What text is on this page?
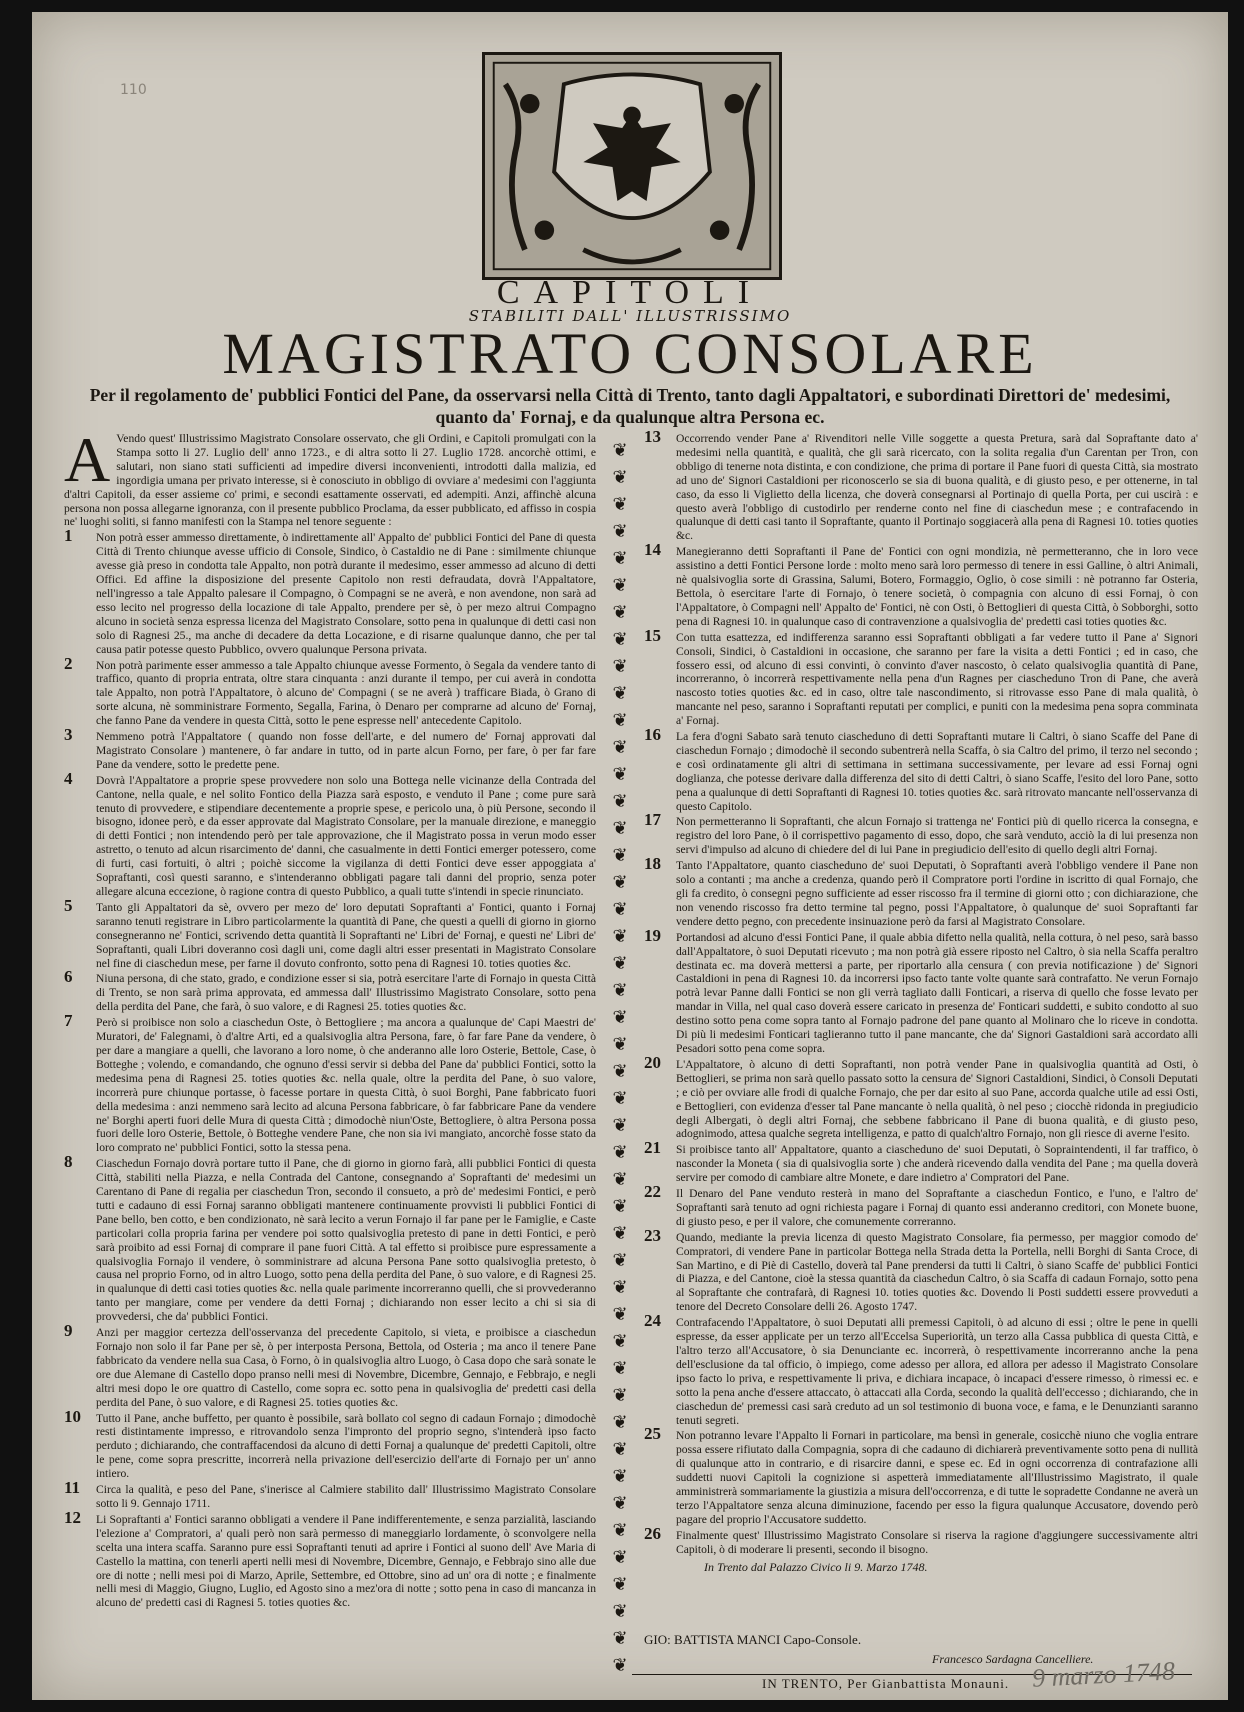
110
CAPITOLI
STABILITI DALL' ILLUSTRISSIMO
MAGISTRATO CONSOLARE
Per il regolamento de' pubblici Fontici del Pane, da osservarsi nella Città di Trento, tanto dagli Appaltatori, e subordinati Direttori de' medesimi, quanto da' Fornaj, e da qualunque altra Persona ec.
A Vendo quest' Illustrissimo Magistrato Consolare osservato, che gli Ordini, e Capitoli promulgati con la Stampa sotto li 27. Luglio dell' anno 1723., e di altra sotto li 27. Luglio 1728. ancorchè ottimi, e salutari, non siano stati sufficienti ad impedire diversi inconvenienti, introdotti dalla malizia, ed ingordigia umana per privato interesse, si è conosciuto in obbligo di ovviare a' medesimi con l'aggiunta d'altri Capitoli, da esser assieme co' primi, e secondi esattamente osservati, ed adempiti. Anzi, affinchè alcuna persona non possa allegarne ignoranza, con il presente pubblico Proclama, da esser pubblicato, ed affisso in cospia ne' luoghi soliti, si fanno manifesti con la Stampa nel tenore seguente :
1 Non potrà esser ammesso direttamente, ò indirettamente all' Appalto de' pubblici Fontici del Pane di questa Città di Trento chiunque avesse ufficio di Console, Sindico, ò Castaldio ne di Pane : similmente chiunque avesse già preso in condotta tale Appalto, non potrà durante il medesimo, esser ammesso ad alcuno di detti Offici. Ed affine la disposizione del presente Capitolo non resti defraudata, dovrà l'Appaltatore, nell'ingresso a tale Appalto palesare il Compagno, ò Compagni se ne averà, e non avendone, non sarà ad esso lecito nel progresso della locazione di tale Appalto, prendere per sè, ò per mezo altrui Compagno alcuno in società senza espressa licenza del Magistrato Consolare, sotto pena in qualunque di detti casi non solo di Ragnesi 25., ma anche di decadere da detta Locazione, e di risarne qualunque danno, che per tal causa patir potesse questo Pubblico, ovvero qualunque Persona privata.
2 Non potrà parimente esser ammesso a tale Appalto chiunque avesse Formento, ò Segala da vendere tanto di traffico, quanto di propria entrata, oltre stara cinquanta : anzi durante il tempo, per cui averà in condotta tale Appalto, non potrà l'Appaltatore, ò alcuno de' Compagni ( se ne averà ) trafficare Biada, ò Grano di sorte alcuna, nè somministrare Formento, Segalla, Farina, ò Denaro per comprarne ad alcuno de' Fornaj, che fanno Pane da vendere in questa Città, sotto le pene espresse nell' antecedente Capitolo.
3 Nemmeno potrà l'Appaltatore ( quando non fosse dell'arte, e del numero de' Fornaj approvati dal Magistrato Consolare ) mantenere, ò far andare in tutto, od in parte alcun Forno, per fare, ò per far fare Pane da vendere, sotto le predette pene.
4 Dovrà l'Appaltatore a proprie spese provvedere non solo una Bottega nelle vicinanze della Contrada del Cantone, nella quale, e nel solito Fontico della Piazza sarà esposto, e venduto il Pane ; come pure sarà tenuto di provvedere, e stipendiare decentemente a proprie spese, e pericolo una, ò più Persone, secondo il bisogno, idonee però, e da esser approvate dal Magistrato Consolare, per la manuale direzione, e maneggio di detti Fontici ; non intendendo però per tale approvazione, che il Magistrato possa in verun modo esser astretto, o tenuto ad alcun risarcimento de' danni, che casualmente in detti Fontici emerger potessero, come di furti, casi fortuiti, ò altri ; poichè siccome la vigilanza di detti Fontici deve esser appoggiata a' Sopraftanti, così questi saranno, e s'intenderanno obbligati pagare tali danni del proprio, senza poter allegare alcuna eccezione, ò ragione contra di questo Pubblico, a quali tutte s'intendi in specie rinunciato.
5 Tanto gli Appaltatori da sè, ovvero per mezo de' loro deputati Sopraftanti a' Fontici, quanto i Fornaj saranno tenuti registrare in Libro particolarmente la quantità di Pane, che questi a quelli di giorno in giorno consegneranno ne' Fontici, scrivendo detta quantità li Sopraftanti ne' Libri de' Fornaj, e questi ne' Libri de' Sopraftanti, quali Libri doveranno così dagli uni, come dagli altri esser presentati in Magistrato Consolare nel fine di ciaschedun mese, per farne il dovuto confronto, sotto pena di Ragnesi 10. toties quoties &c.
6 Niuna persona, di che stato, grado, e condizione esser si sia, potrà esercitare l'arte di Fornajo in questa Città di Trento, se non sarà prima approvata, ed ammessa dall' Illustrissimo Magistrato Consolare, sotto pena della perdita del Pane, che farà, ò suo valore, e di Ragnesi 25. toties quoties &c.
7 Però si proibisce non solo a ciaschedun Oste, ò Bettogliere ; ma ancora a qualunque de' Capi Maestri de' Muratori, de' Falegnami, ò d'altre Arti, ed a qualsivoglia altra Persona, fare, ò far fare Pane da vendere, ò per dare a mangiare a quelli, che lavorano a loro nome, ò che anderanno alle loro Osterie, Bettole, Case, ò Botteghe ; volendo, e comandando, che ognuno d'essi servir si debba del Pane da' pubblici Fontici, sotto la medesima pena di Ragnesi 25. toties quoties &c. nella quale, oltre la perdita del Pane, ò suo valore, incorrerà pure chiunque portasse, ò facesse portare in questa Città, ò suoi Borghi, Pane fabbricato fuori della medesima : anzi nemmeno sarà lecito ad alcuna Persona fabbricare, ò far fabbricare Pane da vendere ne' Borghi aperti fuori delle Mura di questa Città ; dimodochè niun'Oste, Bettogliere, ò altra Persona possa fuori delle loro Osterie, Bettole, ò Botteghe vendere Pane, che non sia ivi mangiato, ancorchè fosse stato da loro comprato ne' pubblici Fontici, sotto la stessa pena.
8 Ciaschedun Fornajo dovrà portare tutto il Pane, che di giorno in giorno farà, alli pubblici Fontici di questa Città, stabiliti nella Piazza, e nella Contrada del Cantone, consegnando a' Sopraftanti de' medesimi un Carentano di Pane di regalia per ciaschedun Tron, secondo il consueto, a prò de' medesimi Fontici, e però tutti e cadauno di essi Fornaj saranno obbligati mantenere continuamente provvisti li pubblici Fontici di Pane bello, ben cotto, e ben condizionato, nè sarà lecito a verun Fornajo il far pane per le Famiglie, e Caste particolari colla propria farina per vendere poi sotto qualsivoglia pretesto di pane in detti Fontici, e però sarà proibito ad essi Fornaj di comprare il pane fuori Città. A tal effetto si proibisce pure espressamente a qualsivoglia Fornajo il vendere, ò somministrare ad alcuna Persona Pane sotto qualsivoglia pretesto, ò causa nel proprio Forno, od in altro Luogo, sotto pena della perdita del Pane, ò suo valore, e di Ragnesi 25. in qualunque di detti casi toties quoties &c. nella quale parimente incorreranno quelli, che si provvederanno tanto per mangiare, come per vendere da detti Fornaj ; dichiarando non esser lecito a chi si sia di provvedersi, che da' pubblici Fontici.
9 Anzi per maggior certezza dell'osservanza del precedente Capitolo, si vieta, e proibisce a ciaschedun Fornajo non solo il far Pane per sè, ò per interposta Persona, Bettola, od Osteria ; ma anco il tenere Pane fabbricato da vendere nella sua Casa, ò Forno, ò in qualsivoglia altro Luogo, ò Casa dopo che sarà sonate le ore due Alemane di Castello dopo pranso nelli mesi di Novembre, Dicembre, Gennajo, e Febbrajo, e negli altri mesi dopo le ore quattro di Castello, come sopra ec. sotto pena in qualsivoglia de' predetti casi della perdita del Pane, ò suo valore, e di Ragnesi 25. toties quoties &c.
10 Tutto il Pane, anche buffetto, per quanto è possibile, sarà bollato col segno di cadaun Fornajo ; dimodochè resti distintamente impresso, e ritrovandolo senza l'impronto del proprio segno, s'intenderà ipso facto perduto ; dichiarando, che contraffacendosi da alcuno di detti Fornaj a qualunque de' predetti Capitoli, oltre le pene, come sopra prescritte, incorrerà nella privazione dell'esercizio dell'arte di Fornajo per un' anno intiero.
11 Circa la qualità, e peso del Pane, s'inerisce al Calmiere stabilito dall' Illustrissimo Magistrato Consolare sotto li 9. Gennajo 1711.
12 Li Sopraftanti a' Fontici saranno obbligati a vendere il Pane indifferentemente, e senza parzialità, lasciando l'elezione a' Compratori, a' quali però non sarà permesso di maneggiarlo lordamente, ò sconvolgere nella scelta una intera scaffa. Saranno pure essi Sopraftanti tenuti ad aprire i Fontici al suono dell' Ave Maria di Castello la mattina, con tenerli aperti nelli mesi di Novembre, Dicembre, Gennajo, e Febbrajo sino alle due ore di notte ; nelli mesi poi di Marzo, Aprile, Settembre, ed Ottobre, sino ad un' ora di notte ; e finalmente nelli mesi di Maggio, Giugno, Luglio, ed Agosto sino a mez'ora di notte ; sotto pena in caso di mancanza in alcuno de' predetti casi di Ragnesi 5. toties quoties &c.
❦
❦
❦
❦
❦
❦
❦
❦
❦
❦
❦
❦
❦
❦
❦
❦
❦
❦
❦
❦
❦
❦
❦
❦
❦
❦
❦
❦
❦
❦
❦
❦
❦
❦
❦
❦
❦
❦
❦
❦
❦
❦
❦
❦
❦
❦
13 Occorrendo vender Pane a' Rivenditori nelle Ville soggette a questa Pretura, sarà dal Sopraftante dato a' medesimi nella quantità, e qualità, che gli sarà ricercato, con la solita regalia d'un Carentan per Tron, con obbligo di tenerne nota distinta, e con condizione, che prima di portare il Pane fuori di questa Città, sia mostrato ad uno de' Signori Castaldioni per riconoscerlo se sia di buona qualità, e di giusto peso, e per ottenerne, in tal caso, da esso li Viglietto della licenza, che doverà consegnarsi al Portinajo di quella Porta, per cui uscirà : e questo averà l'obbligo di custodirlo per renderne conto nel fine di ciaschedun mese ; e contrafacendo in qualunque di detti casi tanto il Sopraftante, quanto il Portinajo soggiacerà alla pena di Ragnesi 10. toties quoties &c.
14 Manegieranno detti Sopraftanti il Pane de' Fontici con ogni mondizia, nè permetteranno, che in loro vece assistino a detti Fontici Persone lorde : molto meno sarà loro permesso di tenere in essi Galline, ò altri Animali, nè qualsivoglia sorte di Grassina, Salumi, Botero, Formaggio, Oglio, ò cose simili : nè potranno far Osteria, Bettola, ò esercitare l'arte di Fornajo, ò tenere società, ò compagnia con alcuno di essi Fornaj, ò con l'Appaltatore, ò Compagni nell' Appalto de' Fontici, nè con Osti, ò Bettoglieri di questa Città, ò Sobborghi, sotto pena di Ragnesi 10. in qualunque caso di contravenzione a qualsivoglia de' predetti casi toties quoties &c.
15 Con tutta esattezza, ed indifferenza saranno essi Sopraftanti obbligati a far vedere tutto il Pane a' Signori Consoli, Sindici, ò Castaldioni in occasione, che saranno per fare la visita a detti Fontici ; ed in caso, che fossero essi, od alcuno di essi convinti, ò convinto d'aver nascosto, ò celato qualsivoglia quantità di Pane, incorreranno, ò incorrerà respettivamente nella pena d'un Ragnes per ciascheduno Tron di Pane, che averà nascosto toties quoties &c. ed in caso, oltre tale nascondimento, si ritrovasse esso Pane di mala qualità, ò mancante nel peso, saranno i Sopraftanti reputati per complici, e puniti con la medesima pena sopra comminata a' Fornaj.
16 La fera d'ogni Sabato sarà tenuto ciascheduno di detti Sopraftanti mutare li Caltri, ò siano Scaffe del Pane di ciaschedun Fornajo ; dimodochè il secondo subentrerà nella Scaffa, ò sia Caltro del primo, il terzo nel secondo ; e così ordinatamente gli altri di settimana in settimana successivamente, per levare ad essi Fornaj ogni doglianza, che potesse derivare dalla differenza del sito di detti Caltri, ò siano Scaffe, l'esito del loro Pane, sotto pena a qualunque di detti Sopraftanti di Ragnesi 10. toties quoties &c. sarà ritrovato mancante nell'osservanza di questo Capitolo.
17 Non permetteranno li Sopraftanti, che alcun Fornajo si trattenga ne' Fontici più di quello ricerca la consegna, e registro del loro Pane, ò il corrispettivo pagamento di esso, dopo, che sarà venduto, acciò la di lui presenza non servi d'impulso ad alcuno di chiedere del di lui Pane in pregiudicio dell'esito di quello degli altri Fornaj.
18 Tanto l'Appaltatore, quanto ciascheduno de' suoi Deputati, ò Sopraftanti averà l'obbligo vendere il Pane non solo a contanti ; ma anche a credenza, quando però il Compratore porti l'ordine in iscritto di qual Fornajo, che gli fa credito, ò consegni pegno sufficiente ad esser riscosso fra il termine di giorni otto ; con dichiarazione, che non venendo riscosso fra detto termine tal pegno, possi l'Appaltatore, ò qualunque de' suoi Sopraftanti far vendere detto pegno, con precedente insinuazione però da farsi al Magistrato Consolare.
19 Portandosi ad alcuno d'essi Fontici Pane, il quale abbia difetto nella qualità, nella cottura, ò nel peso, sarà basso dall'Appaltatore, ò suoi Deputati ricevuto ; ma non potrà già essere riposto nel Caltro, ò sia nella Scaffa peraltro destinata ec. ma doverà mettersi a parte, per riportarlo alla censura ( con previa notificazione ) de' Signori Castaldioni in pena di Ragnesi 10. da incorrersi ipso facto tante volte quante sarà contrafatto. Ne verun Fornajo potrà levar Panne dalli Fontici se non gli verrà tagliato dalli Fonticari, a riserva di quello che fosse levato per mandar in Villa, nel qual caso doverà essere caricato in presenza de' Fonticari suddetti, e subito condotto al suo destino sotto pena come sopra tanto al Fornajo padrone del pane quanto al Molinaro che lo riceve in condotta. Di più li medesimi Fonticari taglieranno tutto il pane mancante, che da' Signori Gastaldioni sarà accordato alli Pesadori sotto pena come sopra.
20 L'Appaltatore, ò alcuno di detti Sopraftanti, non potrà vender Pane in qualsivoglia quantità ad Osti, ò Bettoglieri, se prima non sarà quello passato sotto la censura de' Signori Castaldioni, Sindici, ò Consoli Deputati ; e ciò per ovviare alle frodi di qualche Fornajo, che per dar esito al suo Pane, accorda qualche utile ad essi Osti, e Bettoglieri, con evidenza d'esser tal Pane mancante ò nella qualità, ò nel peso ; ciocchè ridonda in pregiudicio degli Albergati, ò degli altri Fornaj, che sebbene fabbricano il Pane di buona qualità, e di giusto peso, adognimodo, attesa qualche segreta intelligenza, e patto di qualch'altro Fornajo, non gli riesce di averne l'esito.
21 Si proibisce tanto all' Appaltatore, quanto a ciascheduno de' suoi Deputati, ò Sopraintendenti, il far traffico, ò nasconder la Moneta ( sia di qualsivoglia sorte ) che anderà ricevendo dalla vendita del Pane ; ma quella doverà servire per comodo di cambiare altre Monete, e dare indietro a' Compratori del Pane.
22 Il Denaro del Pane venduto resterà in mano del Sopraftante a ciaschedun Fontico, e l'uno, e l'altro de' Sopraftanti sarà tenuto ad ogni richiesta pagare i Fornaj di quanto essi anderanno creditori, con Monete buone, di giusto peso, e per il valore, che comunemente correranno.
23 Quando, mediante la previa licenza di questo Magistrato Consolare, fia permesso, per maggior comodo de' Compratori, di vendere Pane in particolar Bottega nella Strada detta la Portella, nelli Borghi di Santa Croce, di San Martino, e di Piè di Castello, doverà tal Pane prendersi da tutti li Caltri, ò siano Scaffe de' pubblici Fontici di Piazza, e del Cantone, cioè la stessa quantità da ciaschedun Caltro, ò sia Scaffa di cadaun Fornajo, sotto pena al Sopraftante che contrafarà, di Ragnesi 10. toties quoties &c. Dovendo li Posti suddetti essere provveduti a tenore del Decreto Consolare delli 26. Agosto 1747.
24 Contrafacendo l'Appaltatore, ò suoi Deputati alli premessi Capitoli, ò ad alcuno di essi ; oltre le pene in quelli espresse, da esser applicate per un terzo all'Eccelsa Superiorità, un terzo alla Cassa pubblica di questa Città, e l'altro terzo all'Accusatore, ò sia Denunciante ec. incorrerà, ò respettivamente incorreranno anche la pena dell'esclusione da tal officio, ò impiego, come adesso per allora, ed allora per adesso il Magistrato Consolare ipso facto lo priva, e respettivamente li priva, e dichiara incapace, ò incapaci d'essere rimesso, ò rimessi ec. e sotto la pena anche d'essere attaccato, ò attaccati alla Corda, secondo la qualità dell'eccesso ; dichiarando, che in ciaschedun de' premessi casi sarà creduto ad un sol testimonio di buona voce, e fama, e le Denunzianti saranno tenuti segreti.
25 Non potranno levare l'Appalto li Fornari in particolare, ma bensì in generale, cosicchè niuno che voglia entrare possa essere rifiutato dalla Compagnia, sopra di che cadauno di dichiarerà preventivamente sotto pena di nullità di qualunque atto in contrario, e di risarcire danni, e spese ec. Ed in ogni occorrenza di contrafazione alli suddetti nuovi Capitoli la cognizione si aspetterà immediatamente all'Illustrissimo Magistrato, il quale amministrerà sommariamente la giustizia a misura dell'occorrenza, e di tutte le sopradette Condanne ne averà un terzo l'Appaltatore senza alcuna diminuzione, facendo per esso la figura qualunque Accusatore, dovendo però pagare del proprio l'Accusatore suddetto.
26 Finalmente quest' Illustrissimo Magistrato Consolare si riserva la ragione d'aggiungere successivamente altri Capitoli, ò di moderare li presenti, secondo il bisogno.
In Trento dal Palazzo Civico li 9. Marzo 1748.
GIO: BATTISTA MANCI Capo-Console.
Francesco Sardagna Cancelliere.
IN TRENTO, Per Gianbattista Monauni. 9 marzo 1748
